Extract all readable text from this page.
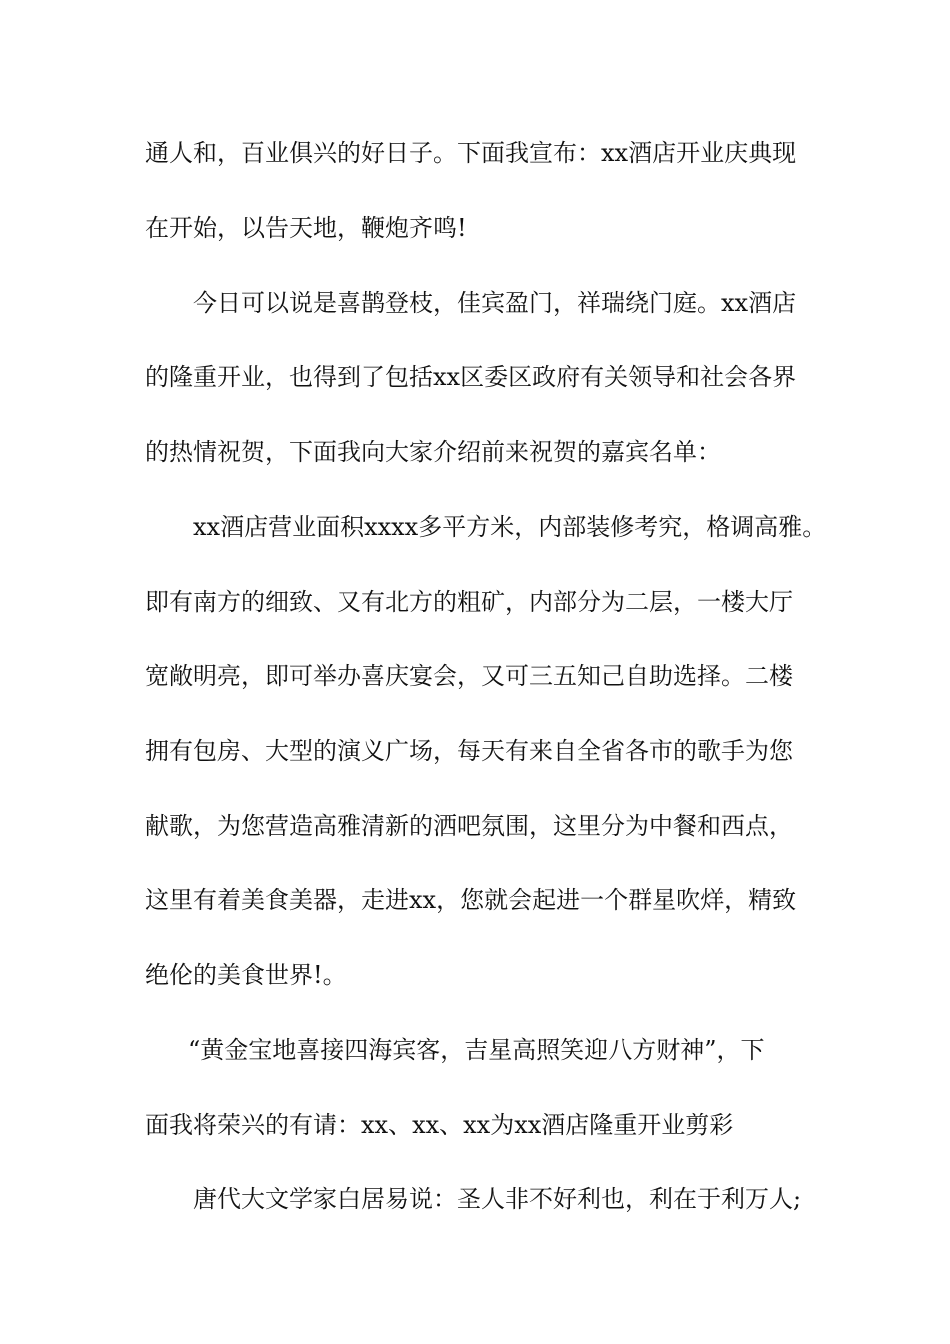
通人和，百业俱兴的好日子。下面我宣布：xx酒店开业庆典现
在开始，以告天地，鞭炮齐鸣!
今日可以说是喜鹊登枝，佳宾盈门，祥瑞绕门庭。xx酒店
的隆重开业，也得到了包括xx区委区政府有关领导和社会各界
的热情祝贺，下面我向大家介绍前来祝贺的嘉宾名单：
xx酒店营业面积xxxx多平方米，内部装修考究，格调高雅。
即有南方的细致、又有北方的粗矿，内部分为二层，一楼大厅
宽敞明亮，即可举办喜庆宴会，又可三五知己自助选择。二楼
拥有包房、大型的演义广场，每天有来自全省各市的歌手为您
献歌，为您营造高雅清新的洒吧氛围，这里分为中餐和西点，
这里有着美食美器，走进xx，您就会起进一个群星吹烊，精致
绝伦的美食世界!。
“黄金宝地喜接四海宾客，吉星高照笑迎八方财神”，下
面我将荣兴的有请：xx、xx、xx为xx酒店隆重开业剪彩
唐代大文学家白居易说：圣人非不好利也，利在于利万人;
